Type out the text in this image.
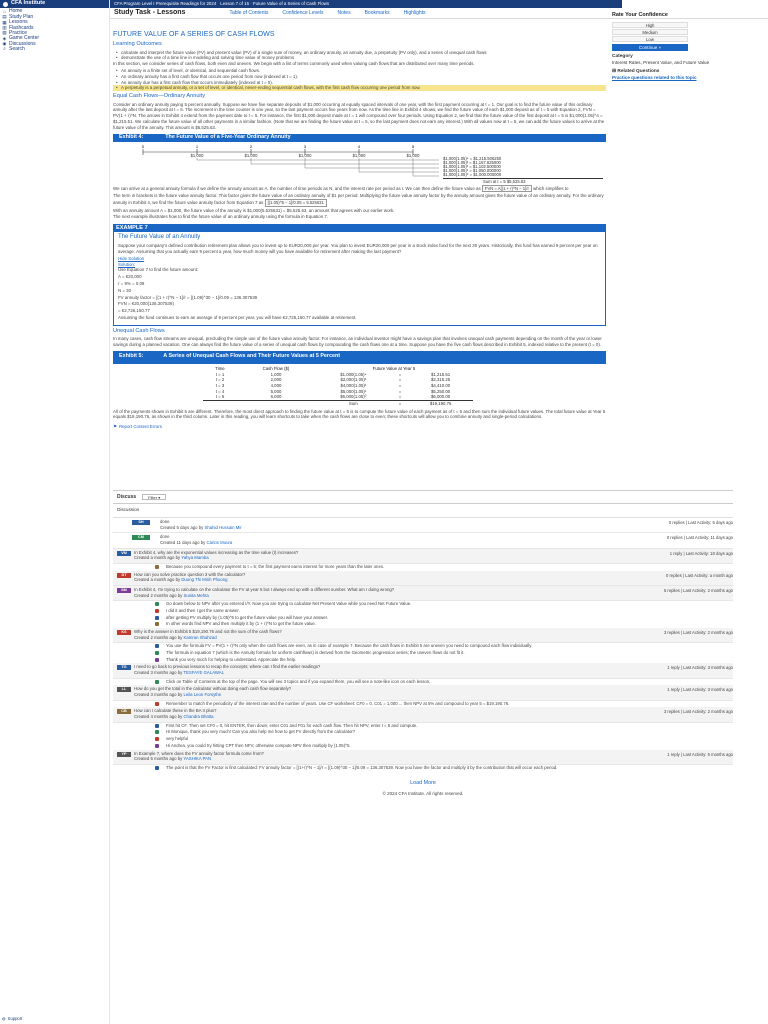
CFA Institute
⌂ Home
▤ Study Plan
▦ Lessons
▥ Flashcards
▧ Practice
◈ Game Center
◉ Discussions
⌕ Search
◍ Support
CFA Program Level I Prerequisite Readings for 2024 Lesson 7 of 15 · Future Value of a Series of Cash Flows
Study Task - Lessons	Table of Contents	Confidence Levels	Notes	Bookmarks	Highlights	Rate Your Confidence
High
Medium
Low
Continue »
Category
Interest Rates, Present Value, and Future Value
⊞ Related Questions
Practice questions related to this topic
FUTURE VALUE OF A SERIES OF CASH FLOWS
Learning Outcomes
• calculate and interpret the future value (FV) and present value (PV) of a single sum of money, an ordinary annuity, an annuity due, a perpetuity (PV only), and a series of unequal cash flows
• demonstrate the use of a time line in modeling and solving time value of money problems
In this section, we consider series of cash flows, both even and uneven. We begin with a list of terms commonly used when valuing cash flows that are distributed over many time periods.
• An annuity is a finite set of level, or identical, and sequential cash flows.
• An ordinary annuity has a first cash flow that occurs one period from now (indexed at t = 1).
• An annuity due has a first cash flow that occurs immediately (indexed at t = 0).
• A perpetuity is a perpetual annuity, or a set of level, or identical, never-ending sequential cash flows, with the first cash flow occurring one period from now.
Equal Cash Flows—Ordinary Annuity
Consider an ordinary annuity paying 5 percent annually. Suppose we have five separate deposits of $1,000 occurring at equally spaced intervals of one year, with the first payment occurring at t = 1. Our goal is to find the future value of this ordinary annuity after the last deposit at t = 5. The increment in the time counter is one year, so the last payment occurs five years from now. As the time line in Exhibit 4 shows, we find the future value of each $1,000 deposit as of t = 5 with Equation 2, FVN = PV(1 + r)^N. The arrows in Exhibit 4 extend from the payment date to t = 5. For instance, the first $1,000 deposit made at t = 1 will compound over four periods. Using Equation 2, we find that the future value of the first deposit at t = 5 is $1,000(1.05)^4 = $1,215.51. We calculate the future value of all other payments in a similar fashion. (Note that we are finding the future value at t = 5, so the last payment does not earn any interest.) With all values now at t = 5, we can add the future values to arrive at the future value of the annuity. This amount is $5,525.63.
Exhibit 4:	The Future Value of a Five-Year Ordinary Annuity
0	1	2	3	4	5
$1,000	$1,000	$1,000	$1,000	$1,000
$1,000(1.05)⁴ = $1,215.506250
$1,000(1.05)³ = $1,157.625000
$1,000(1.05)² = $1,102.500000
$1,000(1.05)¹ = $1,050.000000
$1,000(1.05)⁰ = $1,000.000000
Sum at t = 5 $5,525.63
We can arrive at a general annuity formula if we define the annuity amount as A, the number of time periods as N, and the interest rate per period as r. We can then define the future value as FVN = A[(1 + r)^N − 1]/r which simplifies to
The term in brackets is the future value annuity factor. This factor gives the future value of an ordinary annuity of $1 per period. Multiplying the future value annuity factor by the annuity amount gives the future value of an ordinary annuity. For the ordinary annuity in Exhibit 4, we find the future value annuity factor from Equation 7 as [(1.05)^5 − 1]/0.05 = 5.525631
With an annuity amount A = $1,000, the future value of the annuity is $1,000(5.525631) = $5,525.63, an amount that agrees with our earlier work.
The next example illustrates how to find the future value of an ordinary annuity using the formula in Equation 7.
EXAMPLE 7
The Future Value of an Annuity
Suppose your company's defined contribution retirement plan allows you to invest up to EUR20,000 per year. You plan to invest EUR20,000 per year in a stock index fund for the next 30 years. Historically, this fund has earned 9 percent per year on average. Assuming that you actually earn 9 percent a year, how much money will you have available for retirement after making the last payment?
Hide Solution
Solution:
Use Equation 7 to find the future amount:
A = €20,000
r = 9% = 0.09
N = 30
FV annuity factor = [(1 + r)^N − 1]/r = [(1.09)^30 − 1]/0.09 = 136.307539
FVN = €20,000(136.307539)
= €2,726,150.77
Assuming the fund continues to earn an average of 9 percent per year, you will have €2,726,150.77 available at retirement.
Unequal Cash Flows
In many cases, cash flow streams are unequal, precluding the simple use of the future value annuity factor. For instance, an individual investor might have a savings plan that involves unequal cash payments depending on the month of the year or lower savings during a planned vacation. One can always find the future value of a series of unequal cash flows by compounding the cash flows one at a time. Suppose you have the five cash flows described in Exhibit 5, indexed relative to the present (t = 0).
Exhibit 5:	A Series of Unequal Cash Flows and Their Future Values at 5 Percent
Time	Cash Flow ($)	Future Value at Year 5		
t = 1	1,000	$1,000(1.05)⁴	=	$1,215.51
t = 2	2,000	$2,000(1.05)³	=	$2,315.25
t = 3	4,000	$4,000(1.05)²	=	$4,410.00
t = 4	5,000	$5,000(1.05)¹	=	$5,250.00
t = 5	6,000	$6,000(1.05)⁰	=	$6,000.00
		Sum	=	$19,190.76
All of the payments shown in Exhibit 5 are different. Therefore, the most direct approach to finding the future value at t = 5 is to compute the future value of each payment as of t = 5 and then sum the individual future values. The total future value at Year 5 equals $19,190.76, as shown in the third column. Later in this reading, you will learn shortcuts to take when the cash flows are close to even; these shortcuts will allow you to combine annuity and single-period calculations.
⚑ Report Content Errors
Discuss	Filter ▾
Discussion
SH	done
Created 5 days ago by Shahid Hussain Mir
0 replies | Last Activity: 5 days ago
CM	done
Created 11 days ago by Carlos Moura
0 replies | Last Activity: 11 days ago
VM	In Exhibit 4, why are the exponential values increasing as the time value (t) increases?
Created a month ago by Yahya Mamba
1 reply | Last Activity: 18 days ago
Because you compound every payment to t = 5; the first payment earns interest for more years than the later ones.
DT	How can you solve practice question 3 with the calculator?
Created a month ago by Duong Thi Minh Phuong
0 replies | Last Activity: a month ago
SM	In Exhibit 4, I'm trying to calculate on the calculator the FV at year 5 but I always end up with a different number. What am I doing wrong?
Created 2 months ago by Sunita Mehta
5 replies | Last Activity: 2 months ago
Go down below to NPV after you entered I/Y. Now you are trying to calculate Net Present Value while you need Net Future Value.
I did it and then I get the same answer.
after getting PV multiply by (1.05)^5 to get the future value you will have your answer.
In other words find NPV and then multiply it by (1 + r)^N to get the future value.
KS	Why is the answer in Exhibit 5 $19,190.76 and not the sum of the cash flows?
Created 2 months ago by Kamran Shahzad
3 replies | Last Activity: 2 months ago
You use the formula FV = PV(1 + r)^N only when the cash flows are even, as in case of example 7. Because the cash flows in Exhibit 5 are uneven you need to compound each flow individually.
The formula in equation 7 (which is the Annuity formula for uniform cashflows) is derived from the Geometric progression series; the uneven flows do not fit it.
Thank you very much for helping to understand. Appreciate the help.
TG	I need to go back to previous lessons to recap the concepts; where can I find the earlier readings?
Created 3 months ago by TESFAYE GALAWAL
1 reply | Last Activity: 3 months ago
Click on Table of Contents at the top of the page. You will see 3 topics and if you expand them, you will see a note-like icon on each lesson.
LL	How do you get the total in the calculator without doing each cash flow separately?
Created 3 months ago by Leila Leon Forsythe
1 reply | Last Activity: 3 months ago
Remember to match the periodicity of the interest rate and the number of years. Use CF worksheet: CF0 = 0, C01 = 1,000 ... then NPV at 5% and compound to year 5 = $19,190.76.
CB	How can I calculate these in the BA II plus?
Created 4 months ago by Chandra Bhatta
3 replies | Last Activity: 2 months ago
First hit CF. Then set CF0 = 0, hit ENTER, then down; enter C01 and F01 for each cash flow. Then hit NPV, enter I = 5 and compute.
Hi Monique, thank you very much! Can you also help me how to get FV directly from the calculator?
very helpful
Hi Andrea, you could try hitting CPT then NFV; otherwise compute NPV then multiply by (1.05)^5.
YP	In Example 7, where does the FV annuity factor formula come from?
Created 5 months ago by YASHIKA PAN
1 reply | Last Activity: 5 months ago
The point is that the FV Factor is first calculated: FV annuity factor = [(1+r)^N − 1]/r = [(1.09)^30 − 1]/0.09 = 136.307539. Now you have the factor and multiply it by the contribution that will occur each period.
Load More
© 2024 CFA Institute. All rights reserved.
